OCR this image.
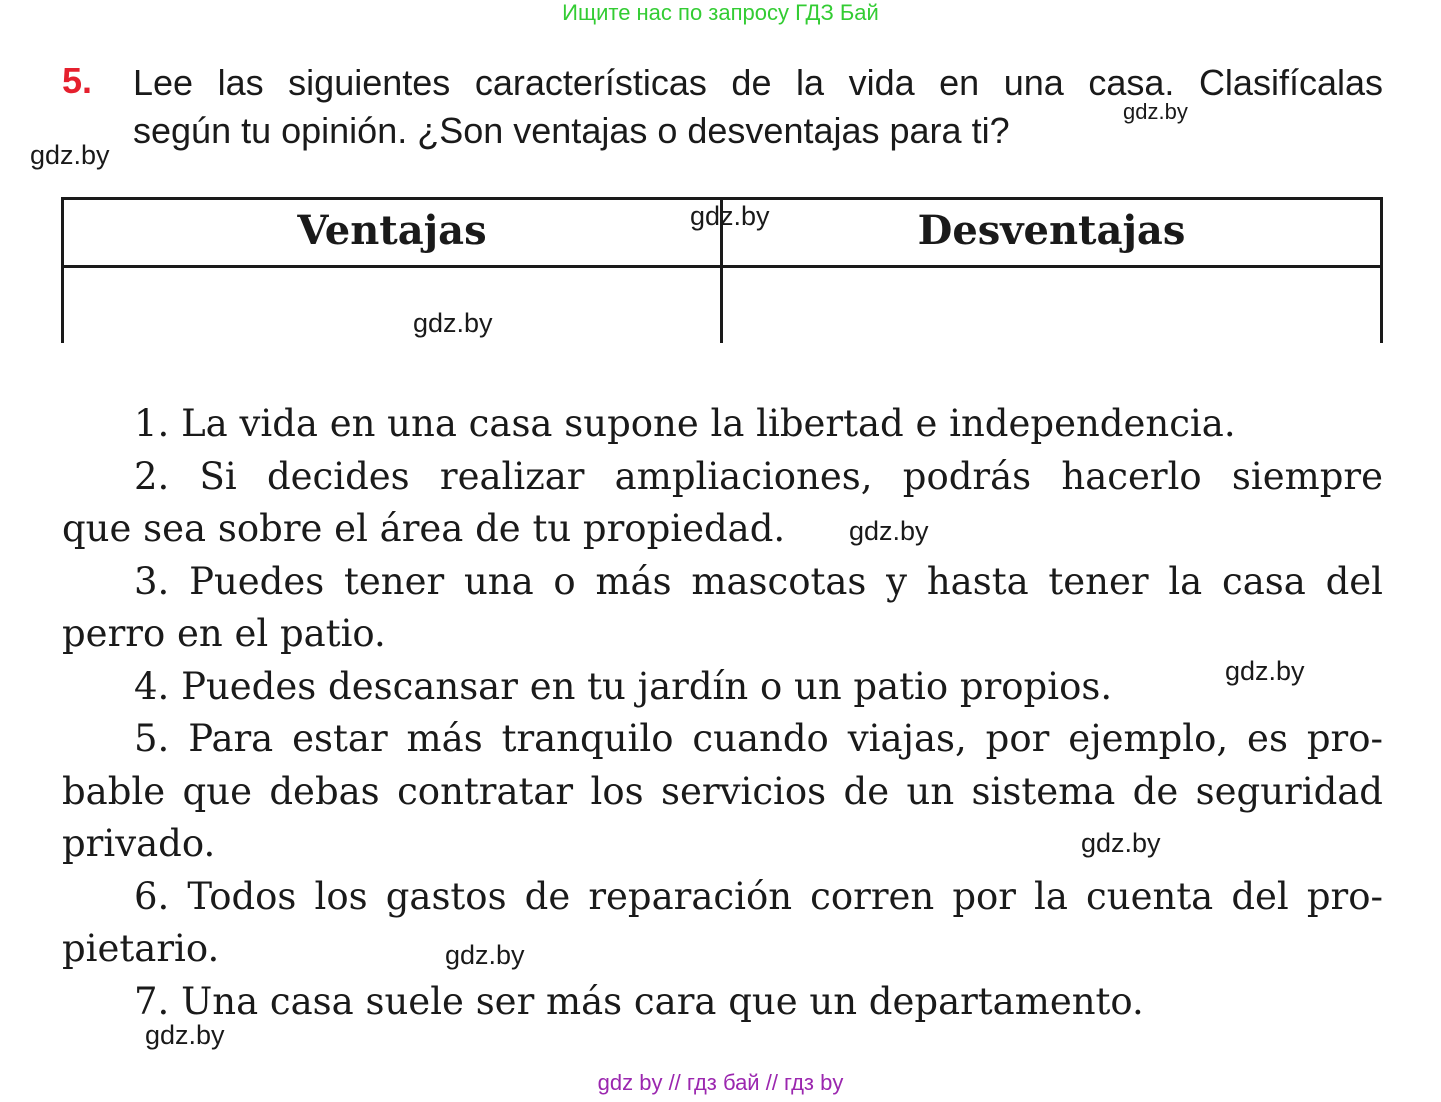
Ищите нас по запросу ГДЗ Бай
5. Lee las siguientes características de la vida en una casa. Clasifícalas
según tu opinión. ¿Son ventajas o desventajas para ti?	gdz.by
gdz.by
Ventajas	Desventajas
gdz.by
gdz.by
1. La vida en una casa supone la libertad e independencia.
2. Si decides realizar ampliaciones, podrás hacerlo siempre
que sea sobre el área de tu propiedad.
3. Puedes tener una o más mascotas y hasta tener la casa del
perro en el patio.
4. Puedes descansar en tu jardín o un patio propios.
5. Para estar más tranquilo cuando viajas, por ejemplo, es pro-
bable que debas contratar los servicios de un sistema de seguridad
privado.
6. Todos los gastos de reparación corren por la cuenta del pro-
pietario.
7. Una casa suele ser más cara que un departamento.
gdz.by
gdz.by
gdz.by
gdz.by
gdz.by
gdz by // гдз бай // гдз by
